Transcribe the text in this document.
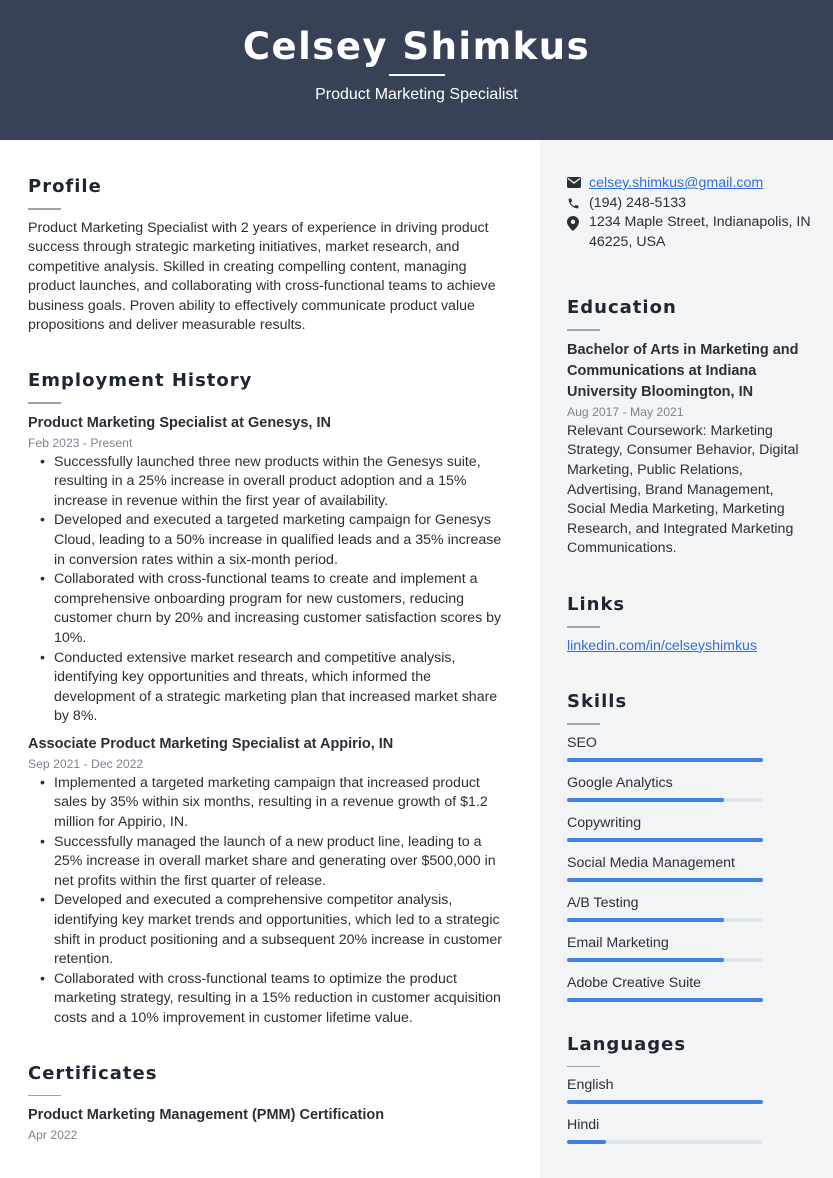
Celsey Shimkus
Product Marketing Specialist
Profile

Product Marketing Specialist with 2 years of experience in driving product success through strategic marketing initiatives, market research, and competitive analysis. Skilled in creating compelling content, managing product launches, and collaborating with cross-functional teams to achieve business goals. Proven ability to effectively communicate product value propositions and deliver measurable results.

Employment History

Product Marketing Specialist at Genesys, IN

Feb 2023 - Present

• Successfully launched three new products within the Genesys suite, resulting in a 25% increase in overall product adoption and a 15% increase in revenue within the first year of availability.
• Developed and executed a targeted marketing campaign for Genesys Cloud, leading to a 50% increase in qualified leads and a 35% increase in conversion rates within a six-month period.
• Collaborated with cross-functional teams to create and implement a comprehensive onboarding program for new customers, reducing customer churn by 20% and increasing customer satisfaction scores by 10%.
• Conducted extensive market research and competitive analysis, identifying key opportunities and threats, which informed the development of a strategic marketing plan that increased market share by 8%.

Associate Product Marketing Specialist at Appirio, IN

Sep 2021 - Dec 2022

• Implemented a targeted marketing campaign that increased product sales by 35% within six months, resulting in a revenue growth of $1.2 million for Appirio, IN.
• Successfully managed the launch of a new product line, leading to a 25% increase in overall market share and generating over $500,000 in net profits within the first quarter of release.
• Developed and executed a comprehensive competitor analysis, identifying key market trends and opportunities, which led to a strategic shift in product positioning and a subsequent 20% increase in customer retention.
• Collaborated with cross-functional teams to optimize the product marketing strategy, resulting in a 15% reduction in customer acquisition costs and a 10% improvement in customer lifetime value.
Certificates

Product Marketing Management (PMM) Certification

Apr 2022

celsey.shimkus@gmail.com
(194) 248-5133
1234 Maple Street, Indianapolis, IN 46225, USA
Education

Bachelor of Arts in Marketing and Communications at Indiana University Bloomington, IN

Aug 2017 - May 2021

Relevant Coursework: Marketing Strategy, Consumer Behavior, Digital Marketing, Public Relations, Advertising, Brand Management, Social Media Marketing, Marketing Research, and Integrated Marketing Communications.

Links
linkedin.com/in/celseyshimkus
Skills
SEO
Google Analytics
Copywriting
Social Media Management
A/B Testing
Email Marketing
Adobe Creative Suite
Languages
English
Hindi
